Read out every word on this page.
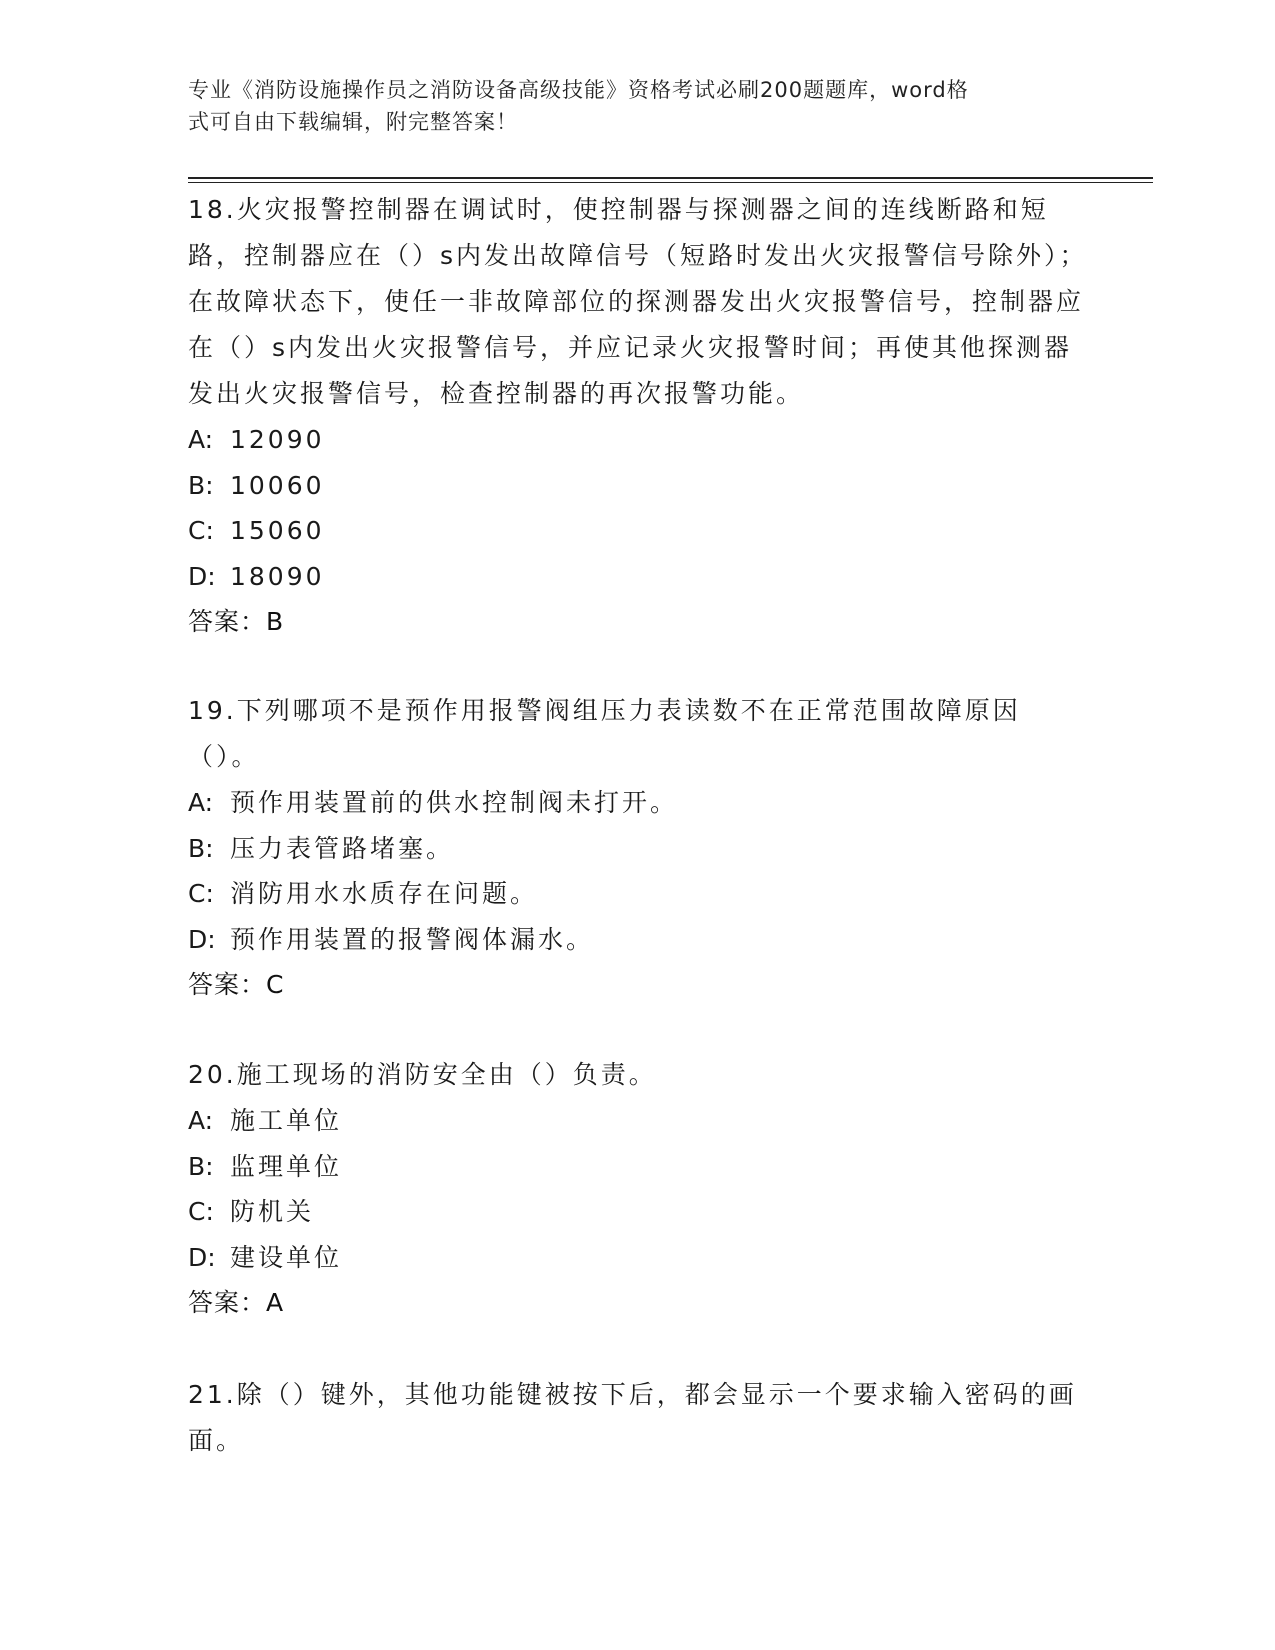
专业《消防设施操作员之消防设备高级技能》资格考试必刷200题题库，word格
式可自由下载编辑，附完整答案！
18.火灾报警控制器在调试时，使控制器与探测器之间的连线断路和短路，控制器应在（）s内发出故障信号（短路时发出火灾报警信号除外）；在故障状态下，使任一非故障部位的探测器发出火灾报警信号，控制器应在（）s内发出火灾报警信号，并应记录火灾报警时间；再使其他探测器发出火灾报警信号，检查控制器的再次报警功能。
A: 12090
B: 10060
C: 15060
D: 18090
答案：B
19.下列哪项不是预作用报警阀组压力表读数不在正常范围故障原因（）。
A: 预作用装置前的供水控制阀未打开。
B: 压力表管路堵塞。
C: 消防用水水质存在问题。
D: 预作用装置的报警阀体漏水。
答案：C
20.施工现场的消防安全由（）负责。
A: 施工单位
B: 监理单位
C: 防机关
D: 建设单位
答案：A
21.除（）键外，其他功能键被按下后，都会显示一个要求输入密码的画面。
